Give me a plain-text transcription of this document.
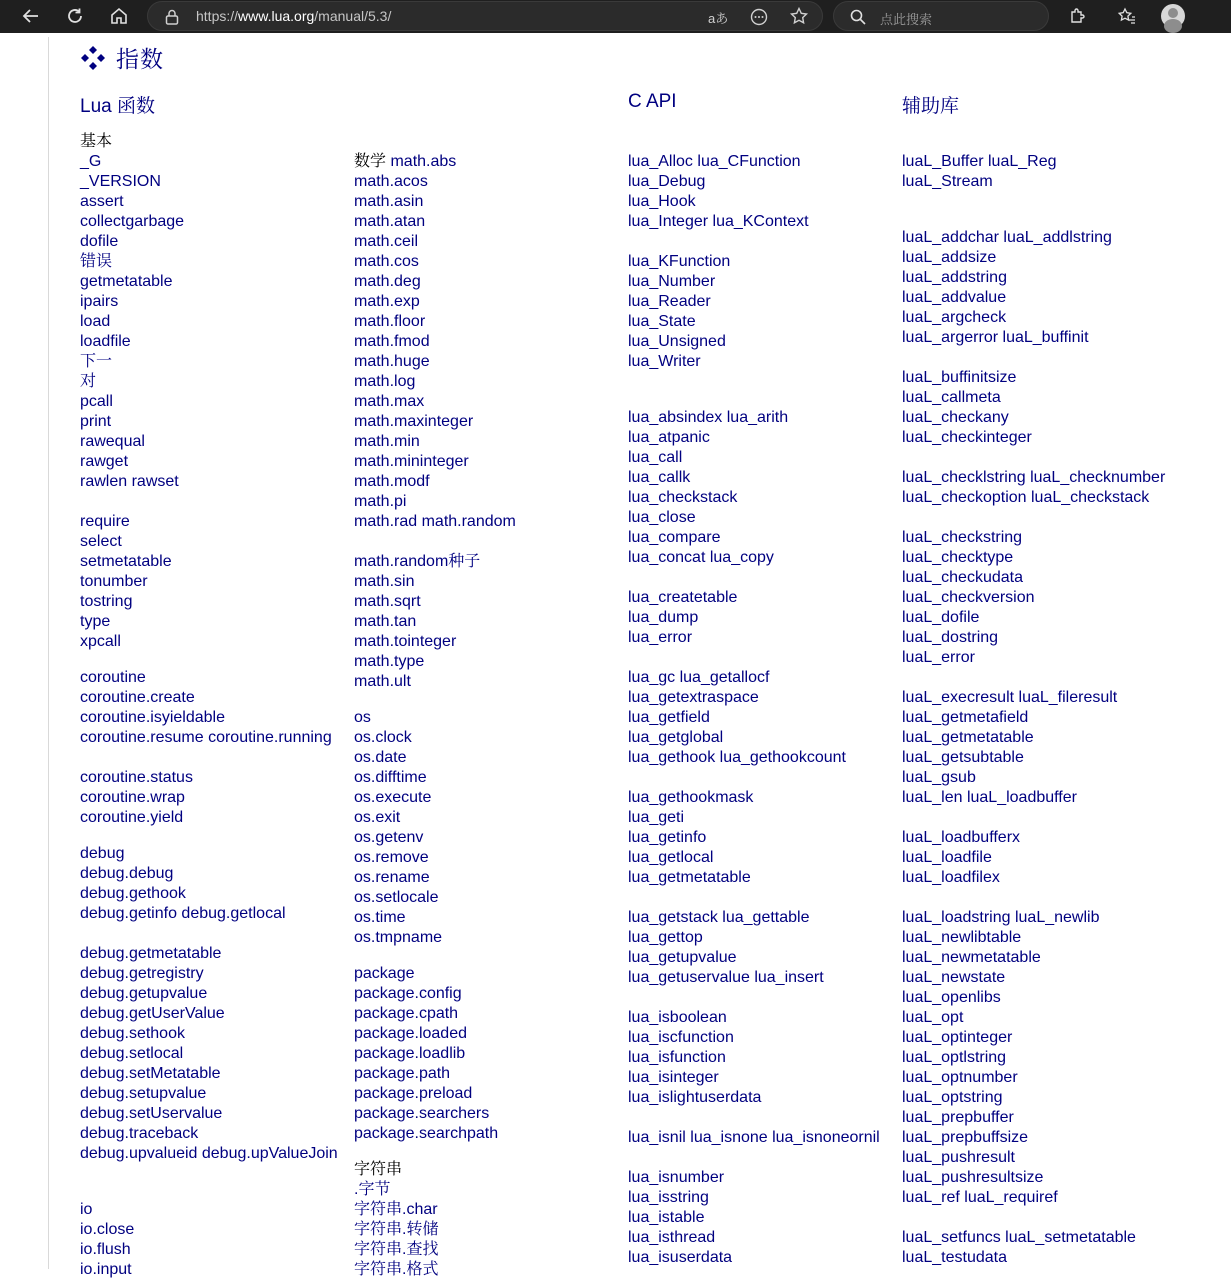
https://www.lua.org/manual/5.3/	aあ	点此搜索
指数
Lua 函数	C API	辅助库
基本
_G
_VERSION
assert
collectgarbage
dofile
错误
getmetatable
ipairs
load
loadfile
下一
对
pcall
print
rawequal
rawget
rawlen rawset
require
select
setmetatable
tonumber
tostring
type
xpcall
coroutine
coroutine.create
coroutine.isyieldable
coroutine.resume coroutine.running
coroutine.status
coroutine.wrap
coroutine.yield
debug
debug.debug
debug.gethook
debug.getinfo debug.getlocal
debug.getmetatable
debug.getregistry
debug.getupvalue
debug.getUserValue
debug.sethook
debug.setlocal
debug.setMetatable
debug.setupvalue
debug.setUservalue
debug.traceback
debug.upvalueid debug.upValueJoin
io
io.close
io.flush
io.input
数学 math.abs
math.acos
math.asin
math.atan
math.ceil
math.cos
math.deg
math.exp
math.floor
math.fmod
math.huge
math.log
math.max
math.maxinteger
math.min
math.mininteger
math.modf
math.pi
math.rad math.random
math.random种子
math.sin
math.sqrt
math.tan
math.tointeger
math.type
math.ult
os
os.clock
os.date
os.difftime
os.execute
os.exit
os.getenv
os.remove
os.rename
os.setlocale
os.time
os.tmpname
package
package.config
package.cpath
package.loaded
package.loadlib
package.path
package.preload
package.searchers
package.searchpath
字符串
.字节
字符串.char
字符串.转储
字符串.查找
字符串.格式
lua_Alloc lua_CFunction
lua_Debug
lua_Hook
lua_Integer lua_KContext
lua_KFunction
lua_Number
lua_Reader
lua_State
lua_Unsigned
lua_Writer
lua_absindex lua_arith
lua_atpanic
lua_call
lua_callk
lua_checkstack
lua_close
lua_compare
lua_concat lua_copy
lua_createtable
lua_dump
lua_error
lua_gc lua_getallocf
lua_getextraspace
lua_getfield
lua_getglobal
lua_gethook lua_gethookcount
lua_gethookmask
lua_geti
lua_getinfo
lua_getlocal
lua_getmetatable
lua_getstack lua_gettable
lua_gettop
lua_getupvalue
lua_getuservalue lua_insert
lua_isboolean
lua_iscfunction
lua_isfunction
lua_isinteger
lua_islightuserdata
lua_isnil lua_isnone lua_isnoneornil
lua_isnumber
lua_isstring
lua_istable
lua_isthread
lua_isuserdata
luaL_Buffer luaL_Reg
luaL_Stream
luaL_addchar luaL_addlstring
luaL_addsize
luaL_addstring
luaL_addvalue
luaL_argcheck
luaL_argerror luaL_buffinit
luaL_buffinitsize
luaL_callmeta
luaL_checkany
luaL_checkinteger
luaL_checklstring luaL_checknumber
luaL_checkoption luaL_checkstack
luaL_checkstring
luaL_checktype
luaL_checkudata
luaL_checkversion
luaL_dofile
luaL_dostring
luaL_error
luaL_execresult luaL_fileresult
luaL_getmetafield
luaL_getmetatable
luaL_getsubtable
luaL_gsub
luaL_len luaL_loadbuffer
luaL_loadbufferx
luaL_loadfile
luaL_loadfilex
luaL_loadstring luaL_newlib
luaL_newlibtable
luaL_newmetatable
luaL_newstate
luaL_openlibs
luaL_opt
luaL_optinteger
luaL_optlstring
luaL_optnumber
luaL_optstring
luaL_prepbuffer
luaL_prepbuffsize
luaL_pushresult
luaL_pushresultsize
luaL_ref luaL_requiref
luaL_setfuncs luaL_setmetatable
luaL_testudata
